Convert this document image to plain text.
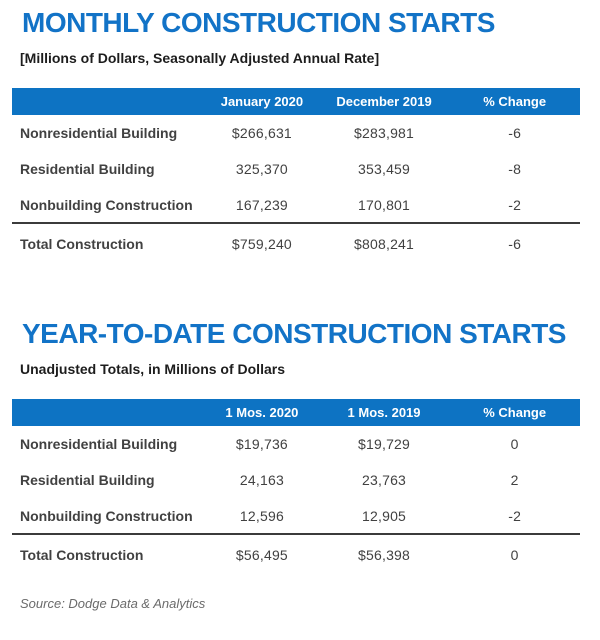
MONTHLY CONSTRUCTION STARTS

[Millions of Dollars, Seasonally Adjusted Annual Rate]

	January 2020	December 2019	% Change
Nonresidential Building	$266,631	$283,981	-6
Residential Building	325,370	353,459	-8
Nonbuilding Construction	167,239	170,801	-2
Total Construction	$759,240	$808,241	-6
YEAR-TO-DATE CONSTRUCTION STARTS

Unadjusted Totals, in Millions of Dollars

	1 Mos. 2020	1 Mos. 2019	% Change
Nonresidential Building	$19,736	$19,729	0
Residential Building	24,163	23,763	2
Nonbuilding Construction	12,596	12,905	-2
Total Construction	$56,495	$56,398	0

Source: Dodge Data & Analytics
